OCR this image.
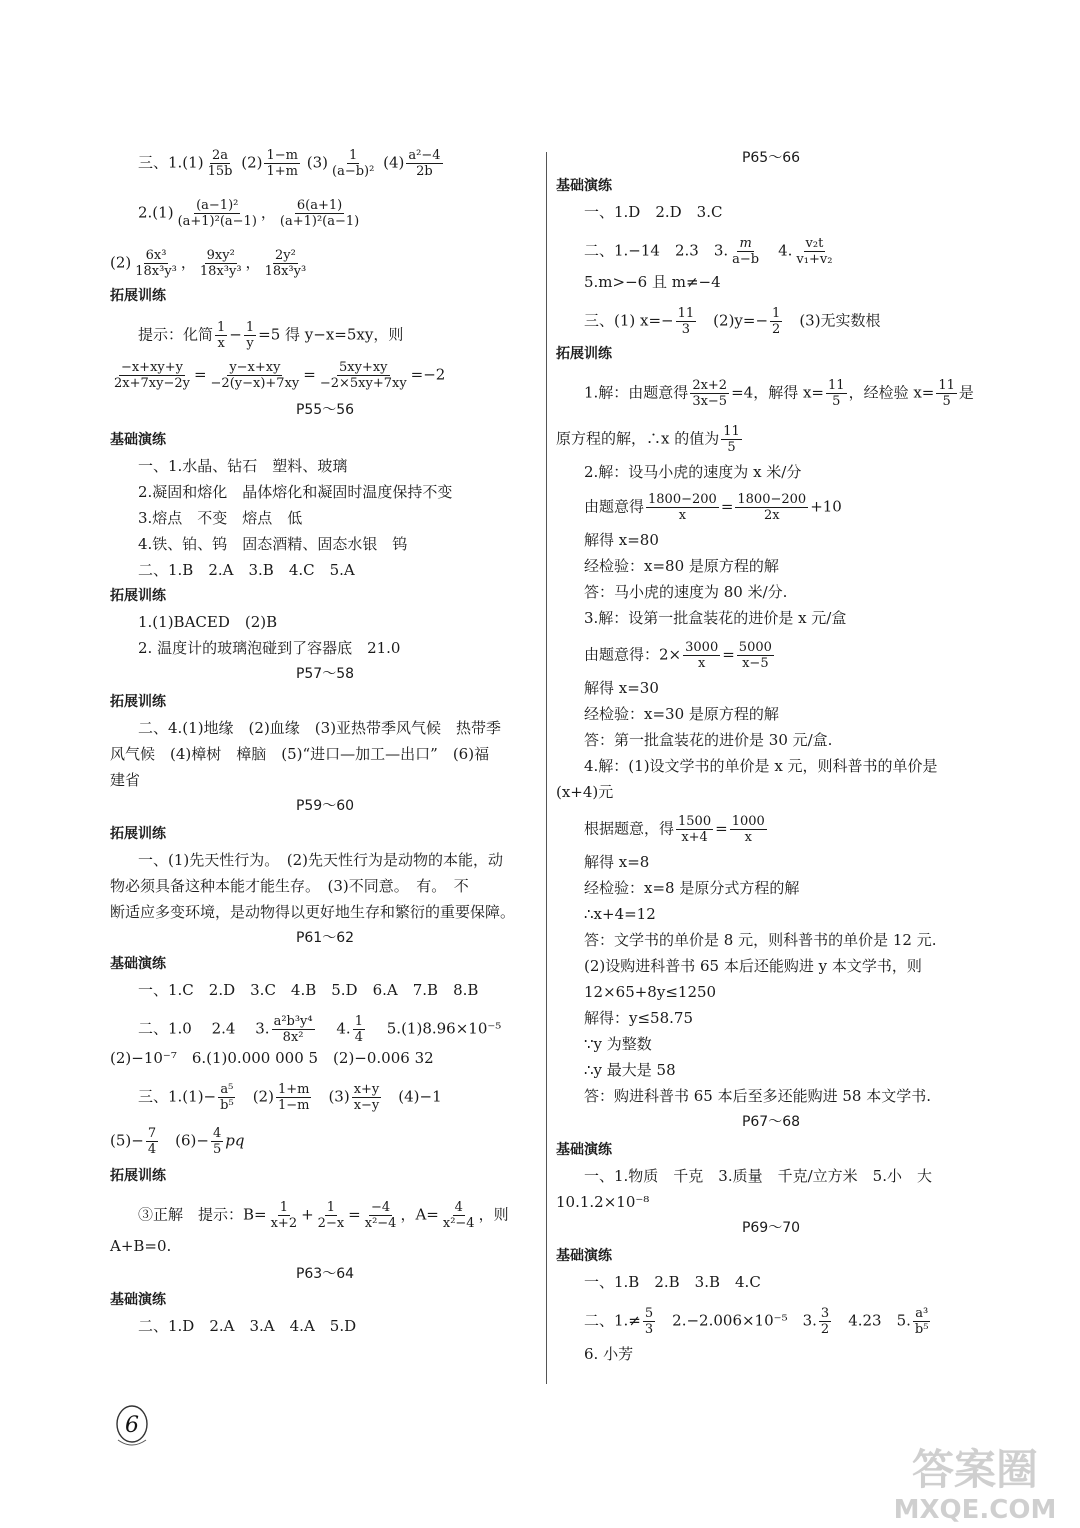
三、$1.(1) \frac{2a}{15b} (2) \frac{1-m}{1+m} (3) \frac{1}{\text{(a−b)²}} (4) \frac{\text{a²−4}}{2b}$
$2.(1) \frac{\text{(a−1)²}}{\text{(a+1)²(a−1)}}$ ， $\frac{6(a+1)}{\text{(a+1)²(a−1)}}$
$(2) \frac{\text{6x³}}{\text{18x³y³}}$ ， $\frac{\text{9xy²}}{\text{18x³y³}}$ ， $\frac{\text{2y²}}{\text{18x³y³}}$
拓展训练
提示：化简 $\frac{1}{x} - \frac{1}{y} =5$ 得 y−x=5xy，则
$\frac{-x+xy+y}{2x+7xy-2y} = \frac{y-x+xy}{-2(y-x)+7xy} = \frac{5xy+xy}{-2\times 5xy+7xy} =-2$
P55～56
基础演练
一、1.水晶、钻石　塑料、玻璃
2.凝固和熔化　晶体熔化和凝固时温度保持不变
3.熔点　不变　熔点　低
4.铁、铂、钨　固态酒精、固态水银　钨
二、1.B　2.A　3.B　4.C　5.A
拓展训练
1.(1)BACED　(2)B
2. 温度计的玻璃泡碰到了容器底　21.0
P57～58
拓展训练
二、4.(1)地缘　(2)血缘　(3)亚热带季风气候　热带季
风气候　(4)樟树　樟脑　(5)“进口—加工—出口”　(6)福
建省
P59～60
拓展训练
一、(1)先天性行为。　(2)先天性行为是动物的本能，动
物必须具备这种本能才能生存。　(3)不同意。　有。　不
断适应多变环境，是动物得以更好地生存和繁衍的重要保障。
P61～62
基础演练
一、1.C　2.D　3.C　4.B　5.D　6.A　7.B　8.B
二、1.0　 2.4　 3. $\frac{\text{a²b³y⁴}}{\text{8x²}}$ 　 4. $\frac{1}{4}$ 　 5.(1)8.96×10⁻⁵
(2)−10⁻⁷　6.(1)0.000 000 5　(2)−0.006 32
三、$1.(1)- \frac{\text{a⁵}}{\text{b⁵}}$ 　$(2) \frac{1+m}{1-m}$ 　$(3) \frac{x+y}{x-y}$ 　(4)−1
$(5)- \frac{7}{4}$ 　$(6)- \frac{4}{5}$ pq
拓展训练
③正解　提示：$B= \frac{1}{x+2} + \frac{1}{2-x} = \frac{-4}{\text{x²−4}}$ ，$A= \frac{4}{\text{x²−4}}$ ，则
A+B=0.
P63～64
基础演练
二、1.D　2.A　3.A　4.A　5.D
P65～66
基础演练
一、1.D　2.D　3.C
二、1.−14　2.3　3. $\frac{m}{a-b}$ 　4. $\frac{\text{v₂t}}{\text{v₁+v₂}}$
5.m>−6 且 m≠−4
三、(1) $x=- \frac{11}{3}$ 　$(2)y=- \frac{1}{2}$ 　(3)无实数根
拓展训练
1.解：由题意得 $\frac{2x+2}{3x-5} =4$，解得 $x= \frac{11}{5}$ ，经检验 $x= \frac{11}{5}$ 是
原方程的解，∴x 的值为 $\frac{11}{5}$
2.解：设马小虎的速度为 x 米/分
由题意得 $\frac{1800-200}{x} = \frac{1800-200}{2x} +10$
解得 x=80
经检验：x=80 是原方程的解
答：马小虎的速度为 80 米/分.
3.解：设第一批盒装花的进价是 x 元/盒
由题意得：$2\times \frac{3000}{x} = \frac{5000}{x-5}$
解得 x=30
经检验：x=30 是原方程的解
答：第一批盒装花的进价是 30 元/盒.
4.解：(1)设文学书的单价是 x 元，则科普书的单价是
(x+4)元
根据题意，得 $\frac{1500}{x+4} = \frac{1000}{x}$
解得 x=8
经检验：x=8 是原分式方程的解
∴x+4=12
答：文学书的单价是 8 元，则科普书的单价是 12 元.
(2)设购进科普书 65 本后还能购进 y 本文学书，则
12×65+8y≤1250
解得：y≤58.75
∵y 为整数
∴y 最大是 58
答：购进科普书 65 本后至多还能购进 58 本文学书.
P67～68
基础演练
一、1.物质　千克　3.质量　千克/立方米　5.小　大
10.1.2×10⁻⁸
P69～70
基础演练
一、1.B　2.B　3.B　4.C
二、$1.\ne \frac{5}{3}$ 　2.−2.006×10⁻⁵　3. $\frac{3}{2}$ 　4.23　5. $\frac{\text{a³}}{\text{b⁵}}$
6. 小芳
6
答案圈
MXQE.COM
